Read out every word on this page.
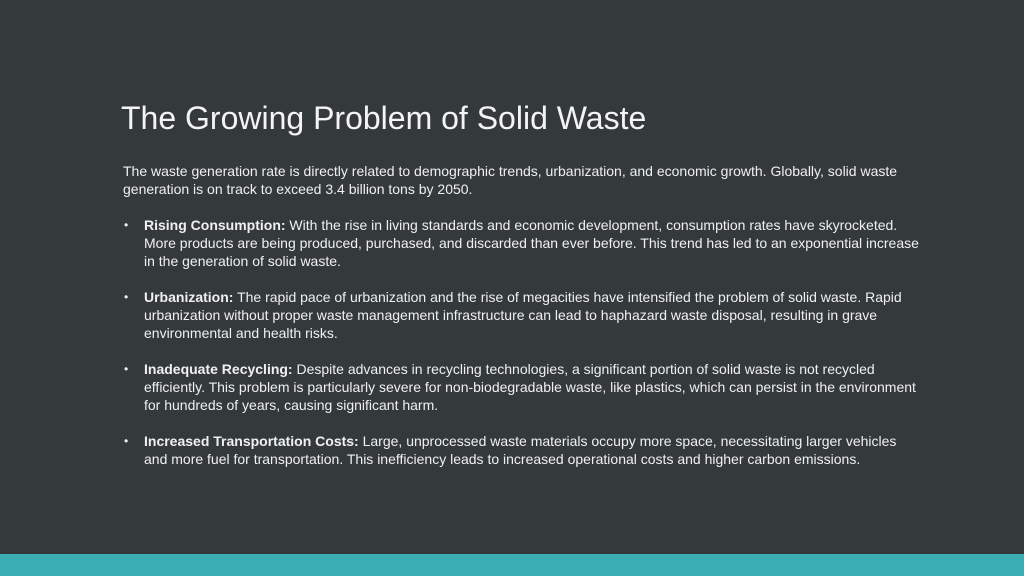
The Growing Problem of Solid Waste

The waste generation rate is directly related to demographic trends, urbanization, and economic growth. Globally, solid waste generation is on track to exceed 3.4 billion tons by 2050.

• Rising Consumption: With the rise in living standards and economic development, consumption rates have skyrocketed. More products are being produced, purchased, and discarded than ever before. This trend has led to an exponential increase in the generation of solid waste.
• Urbanization: The rapid pace of urbanization and the rise of megacities have intensified the problem of solid waste. Rapid urbanization without proper waste management infrastructure can lead to haphazard waste disposal, resulting in grave environmental and health risks.
• Inadequate Recycling: Despite advances in recycling technologies, a significant portion of solid waste is not recycled efficiently. This problem is particularly severe for non-biodegradable waste, like plastics, which can persist in the environment for hundreds of years, causing significant harm.
• Increased Transportation Costs: Large, unprocessed waste materials occupy more space, necessitating larger vehicles and more fuel for transportation. This inefficiency leads to increased operational costs and higher carbon emissions.
